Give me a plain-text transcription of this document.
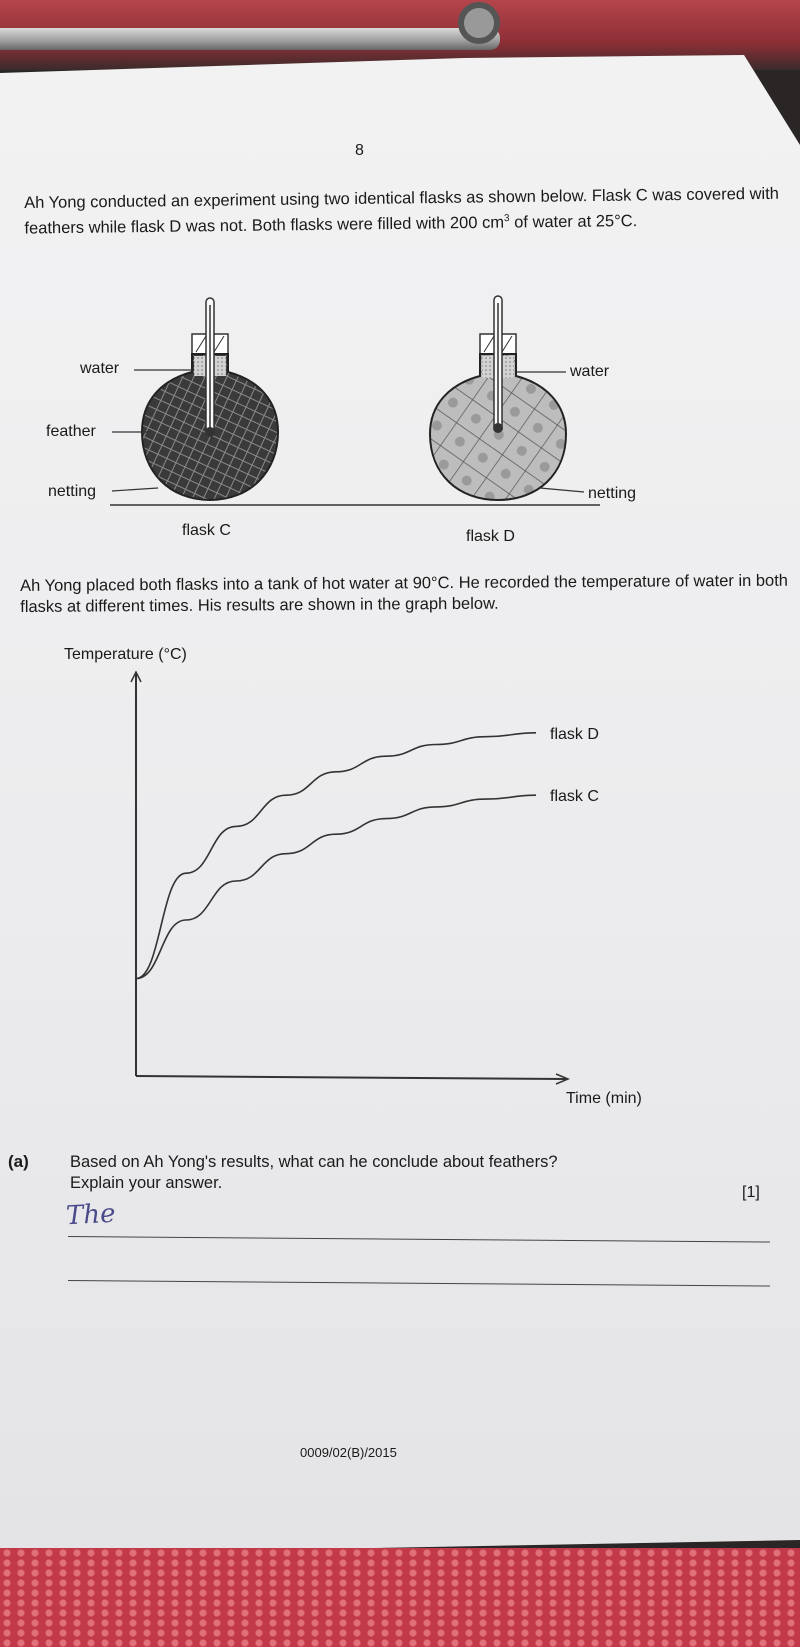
8
Ah Yong conducted an experiment using two identical flasks as shown below. Flask C was covered with feathers while flask D was not. Both flasks were filled with 200 $cm^3$ of water at 25°C.
water
feather
netting
flask C
water
netting
flask D
Ah Yong placed both flasks into a tank of hot water at 90°C. He recorded the temperature of water in both flasks at different times. His results are shown in the graph below.
Temperature (°C)
Time (min)
flask D
flask C
(a) Based on Ah Yong's results, what can he conclude about feathers?
Explain your answer.
[1]
The
0009/02(B)/2015
